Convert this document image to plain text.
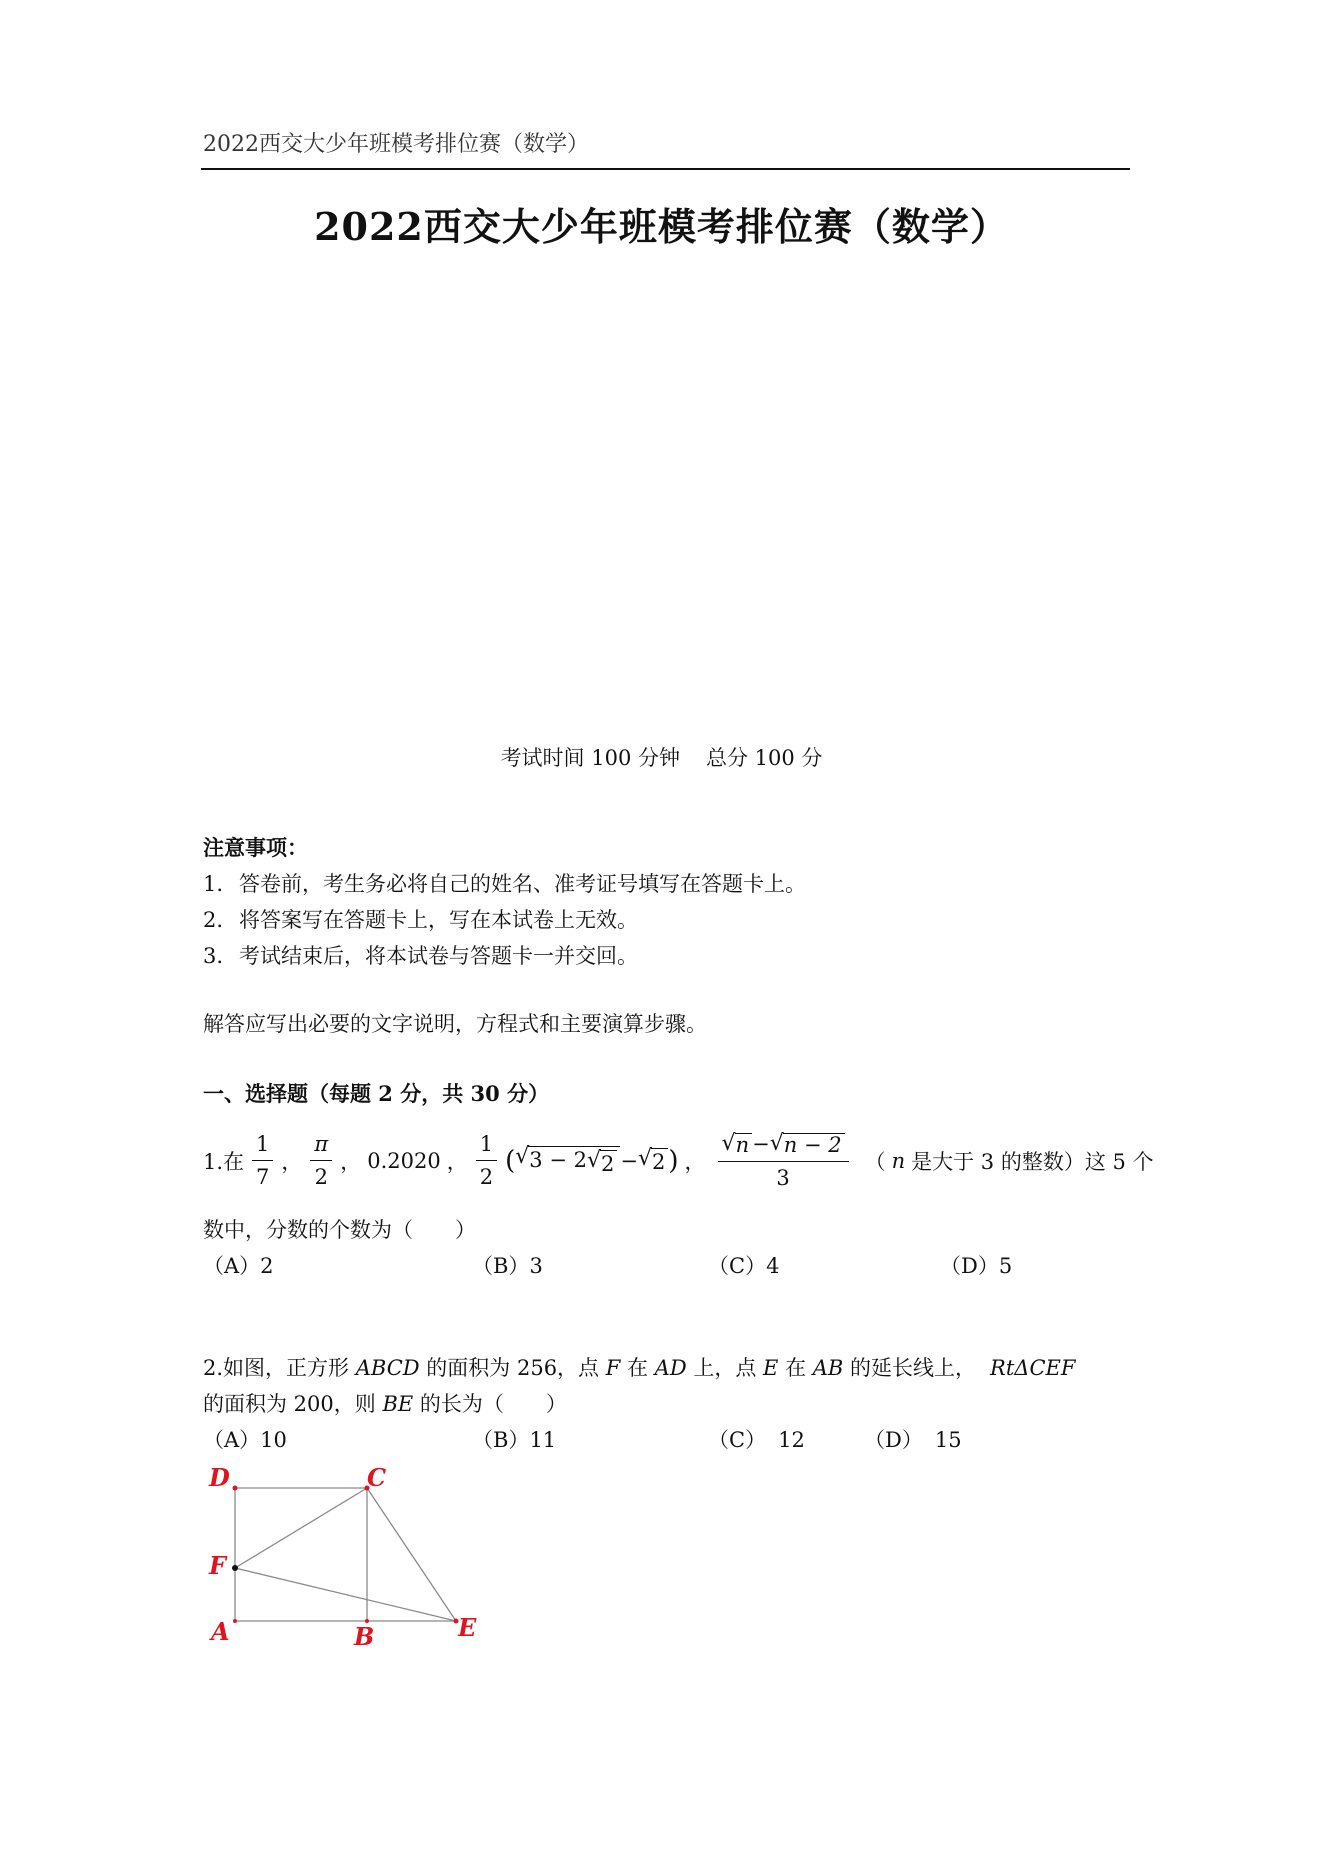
2022西交大少年班模考排位赛（数学）
2022西交大少年班模考排位赛（数学）
考试时间 100 分钟 总分 100 分
注意事项：
1. 答卷前，考生务必将自己的姓名、准考证号填写在答题卡上。
2. 将答案写在答题卡上，写在本试卷上无效。
3. 考试结束后，将本试卷与答题卡一并交回。
解答应写出必要的文字说明，方程式和主要演算步骤。
一、选择题（每题 2 分，共 30 分）
1.在 $\frac{1}{7}$ ， $\frac{\pi}{2}$ ， 0.2020 ， $\frac{1}{2}$ ( √ 3 − 2 √ 2 − √ 2 ) ， $\frac{√ n - √ n - 2}{3}$ （ n 是大于 3 的整数）这 5 个
数中，分数的个数为（　　）
（A）2	（B）3	（C）4	（D）5
2.如图，正方形 ABCD 的面积为 256，点 F 在 AD 上，点 E 在 AB 的延长线上， RtΔCEF
的面积为 200，则 BE 的长为（　　）
（A）10	（B）11	（C） 12	（D） 15
D	C
F
A	B	E
